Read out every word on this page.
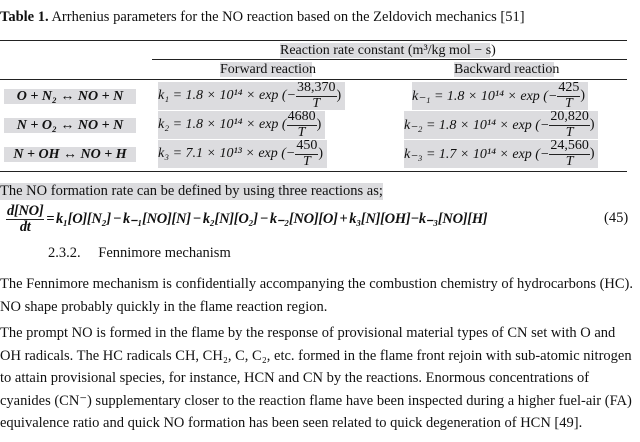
Table 1. Arrhenius parameters for the NO reaction based on the Zeldovich mechanics [51]
Reaction rate constant (m³/kg mol − s)
Forward reaction	Backward reaction
O + N₂ ↔ NO + N	k₁ = 1.8 × 10¹⁴ × exp (− $\frac{38,370}{T}$ )	k₋₁ = 1.8 × 10¹⁴ × exp (− $\frac{425}{T}$ )
N + O₂ ↔ NO + N	k₂ = 1.8 × 10¹⁴ × exp ( $\frac{4680}{T}$ )	k₋₂ = 1.8 × 10¹⁴ × exp (− $\frac{20,820}{T}$ )
N + OH ↔ NO + H	k₃ = 7.1 × 10¹³ × exp (− $\frac{450}{T}$ )	k₋₃ = 1.7 × 10¹⁴ × exp (− $\frac{24,560}{T}$ )
The NO formation rate can be defined by using three reactions as;
$\frac{d[NO]}{dt} = k_1[O][N_2] - k_{-1}[NO][N] - k_2[N][O_2] - k_{-2}[NO][O] + k_3[N][OH]-k_{-3}[NO][H]$	(45)
2.3.2. Fennimore mechanism

The Fennimore mechanism is confidentially accompanying the combustion chemistry of hydrocarbons (HC). NO shape probably quickly in the flame reaction region.

The prompt NO is formed in the flame by the response of provisional material types of CN set with O and OH radicals. The HC radicals CH, CH₂, C, C₂, etc. formed in the flame front rejoin with sub-atomic nitrogen to attain provisional species, for instance, HCN and CN by the reactions. Enormous concentrations of cyanides (CN⁻) supplementary closer to the reaction flame have been inspected during a higher fuel-air (FA) equivalence ratio and quick NO formation has been seen related to quick degeneration of HCN [49].
